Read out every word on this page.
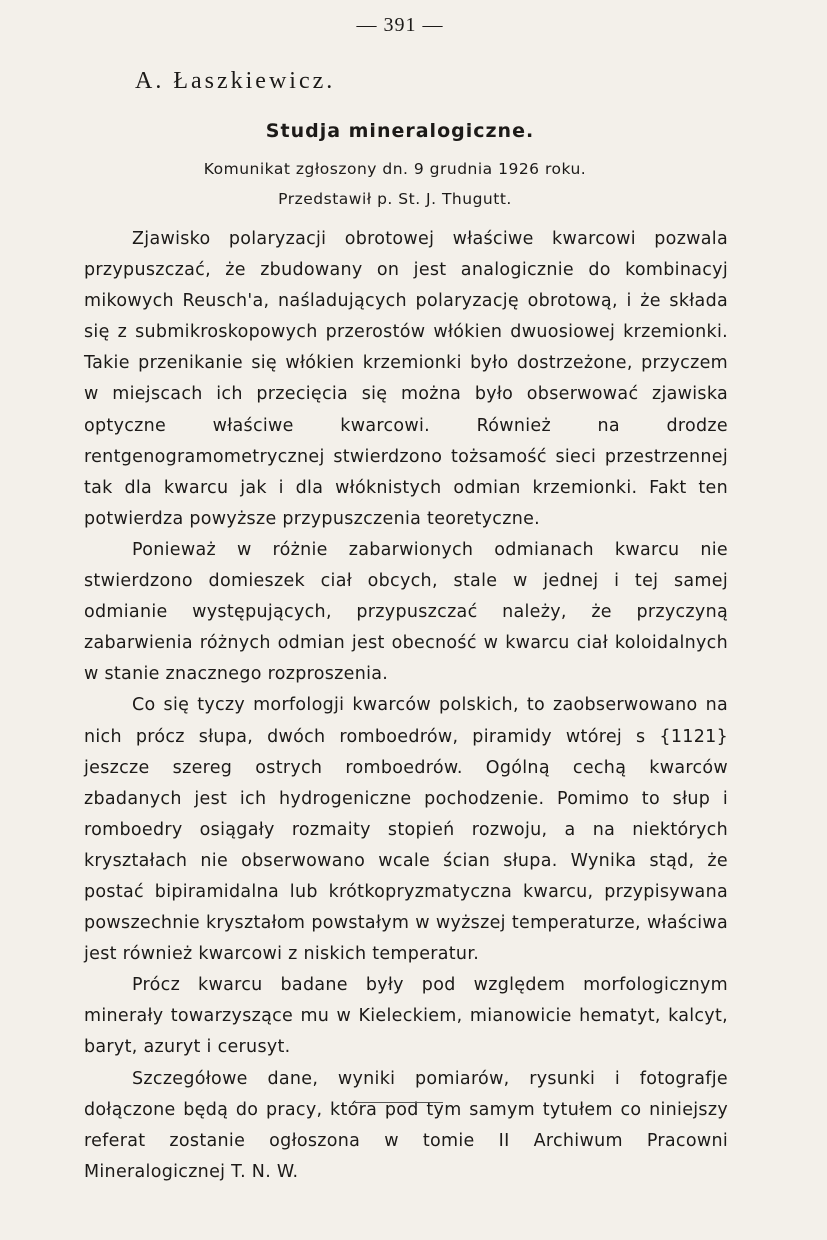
— 391 —
A. Łaszkiewicz.
Studja mineralogiczne.
Komunikat zgłoszony dn. 9 grudnia 1926 roku.
Przedstawił p. St. J. Thugutt.

Zjawisko polaryzacji obrotowej właściwe kwarcowi pozwala przypuszczać, że zbudowany on jest analogicznie do kombinacyj mikowych Reusch'a, naśladujących polaryzację obrotową, i że składa się z submikroskopowych przerostów włókien dwuosiowej krzemionki. Takie przenikanie się włókien krzemionki było dostrzeżone, przyczem w miejscach ich przecięcia się można było obserwować zjawiska optyczne właściwe kwarcowi. Również na drodze rentgenogramometrycznej stwierdzono tożsamość sieci przestrzennej tak dla kwarcu jak i dla włóknistych odmian krzemionki. Fakt ten potwierdza powyższe przypuszczenia teoretyczne.

Ponieważ w różnie zabarwionych odmianach kwarcu nie stwierdzono domieszek ciał obcych, stale w jednej i tej samej odmianie występujących, przypuszczać należy, że przyczyną zabarwienia różnych odmian jest obecność w kwarcu ciał koloidalnych w stanie znacznego rozproszenia.

Co się tyczy morfologji kwarców polskich, to zaobserwowano na nich prócz słupa, dwóch romboedrów, piramidy wtórej s {1121} jeszcze szereg ostrych romboedrów. Ogólną cechą kwarców zbadanych jest ich hydrogeniczne pochodzenie. Pomimo to słup i romboedry osiągały rozmaity stopień rozwoju, a na niektórych kryształach nie obserwowano wcale ścian słupa. Wynika stąd, że postać bipiramidalna lub krótkopryzmatyczna kwarcu, przypisywana powszechnie kryształom powstałym w wyższej temperaturze, właściwa jest również kwarcowi z niskich temperatur.

Prócz kwarcu badane były pod względem morfologicznym minerały towarzyszące mu w Kieleckiem, mianowicie hematyt, kalcyt, baryt, azuryt i cerusyt.

Szczegółowe dane, wyniki pomiarów, rysunki i fotografje dołączone będą do pracy, która pod tym samym tytułem co niniejszy referat zostanie ogłoszona w tomie II Archiwum Pracowni Mineralogicznej T. N. W.
